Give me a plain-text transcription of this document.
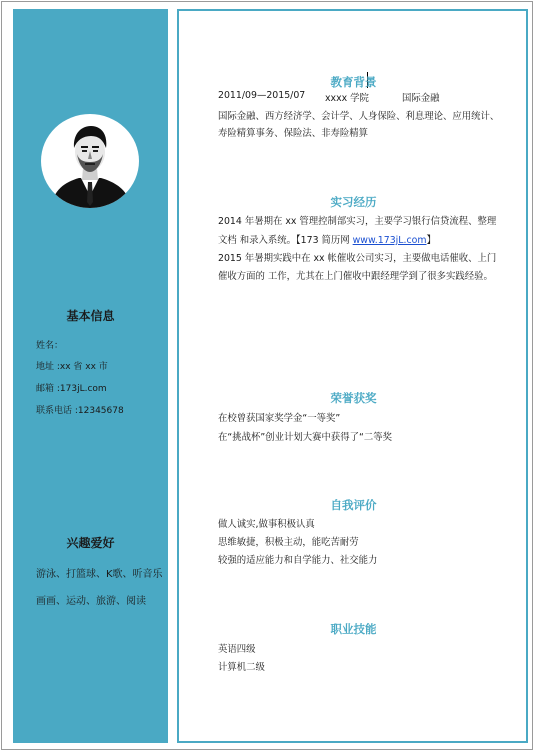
基本信息
姓名：
地址 :xx 省 xx 市
邮箱 :173jL.com
联系电话 :12345678
兴趣爱好
游泳、打篮球、K歌、听音乐
画画、运动、旅游、阅读
教育背景
2011/09—2015/07 xxxx 学院	国际金融
国际金融、西方经济学、会计学、人身保险、利息理论、应用统计、
寿险精算事务、保险法、非寿险精算
实习经历
2014 年暑期在 xx 管理控制部实习，主要学习银行信贷流程、整理
文档 和录入系统。【173 简历网 www.173jL.com】
2015 年暑期实践中在 xx 帐催收公司实习，主要做电话催收、上门
催收方面的 工作，尤其在上门催收中跟经理学到了很多实践经验。
荣誉获奖
在校曾获国家奖学金“一等奖”
在“挑战杯”创业计划大赛中获得了“二等奖
自我评价
做人诚实,做事积极认真
思维敏捷，积极主动，能吃苦耐劳
较强的适应能力和自学能力、社交能力
职业技能
英语四级
计算机二级
